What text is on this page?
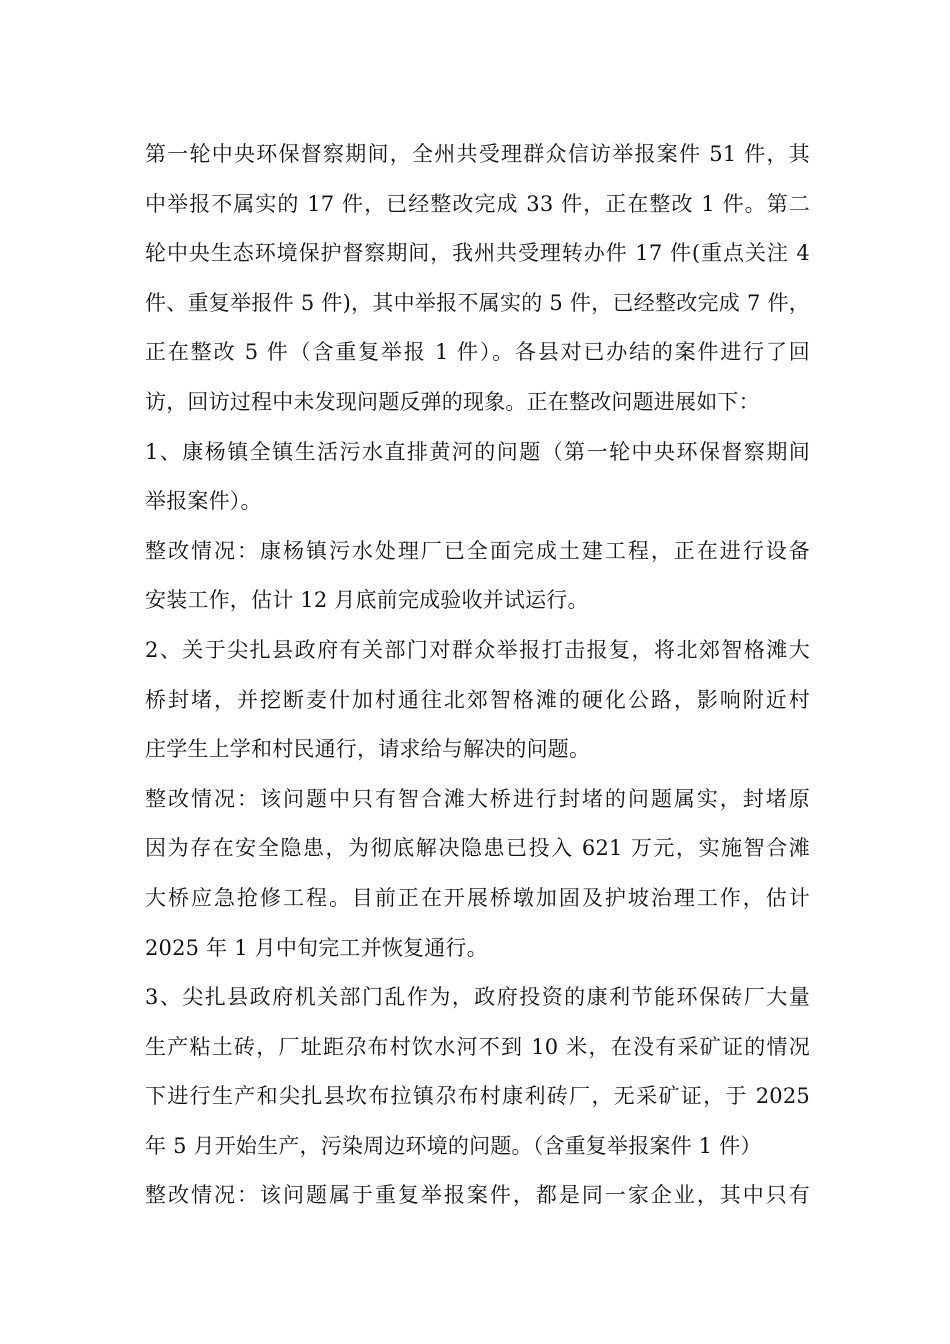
第一轮中央环保督察期间，全州共受理群众信访举报案件 51 件，其
中举报不属实的 17 件，已经整改完成 33 件，正在整改 1 件。第二
轮中央生态环境保护督察期间，我州共受理转办件 17 件(重点关注 4
件、重复举报件 5 件)，其中举报不属实的 5 件，已经整改完成 7 件，
正在整改 5 件（含重复举报 1 件）。各县对已办结的案件进行了回
访，回访过程中未发现问题反弹的现象。正在整改问题进展如下：
1、康杨镇全镇生活污水直排黄河的问题（第一轮中央环保督察期间
举报案件）。
整改情况：康杨镇污水处理厂已全面完成土建工程，正在进行设备
安装工作，估计 12 月底前完成验收并试运行。
2、关于尖扎县政府有关部门对群众举报打击报复，将北郊智格滩大
桥封堵，并挖断麦什加村通往北郊智格滩的硬化公路，影响附近村
庄学生上学和村民通行，请求给与解决的问题。
整改情况：该问题中只有智合滩大桥进行封堵的问题属实，封堵原
因为存在安全隐患，为彻底解决隐患已投入 621 万元，实施智合滩
大桥应急抢修工程。目前正在开展桥墩加固及护坡治理工作，估计
2025 年 1 月中旬完工并恢复通行。
3、尖扎县政府机关部门乱作为，政府投资的康利节能环保砖厂大量
生产粘土砖，厂址距尕布村饮水河不到 10 米，在没有采矿证的情况
下进行生产和尖扎县坎布拉镇尕布村康利砖厂，无采矿证，于 2025
年 5 月开始生产，污染周边环境的问题。（含重复举报案件 1 件）
整改情况：该问题属于重复举报案件，都是同一家企业，其中只有
